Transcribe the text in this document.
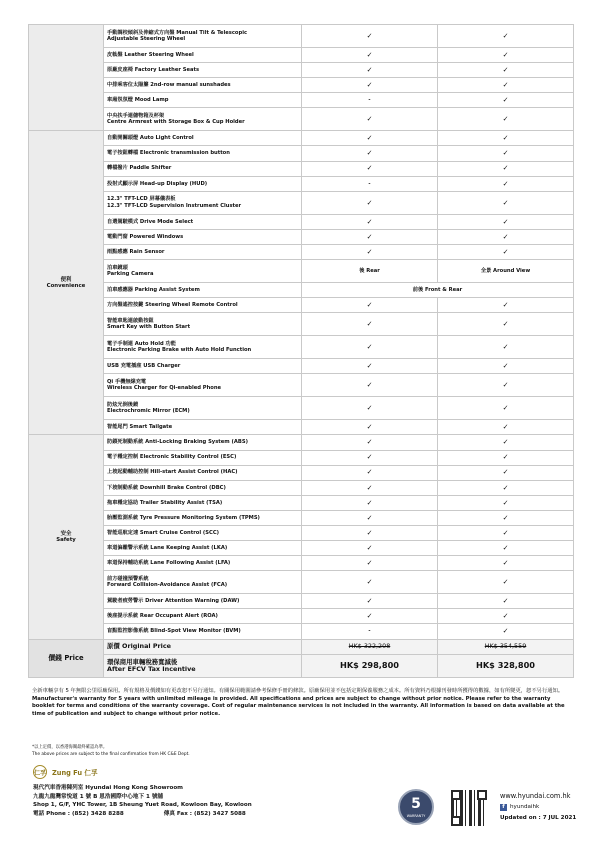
	手動調校傾斜及伸縮式方向盤 Manual Tilt & Telescopic
Adjustable Steering Wheel	✓	✓

	皮軚盤 Leather Steering Wheel	✓	✓

	原廠皮座椅 Factory Leather Seats	✓	✓

	中排乘客位太陽簾 2nd-row manual sunshades	✓	✓

	車廂氛氛燈 Mood Lamp	-	✓

	中央扶手連儲物箱及杯架
Centre Armrest with Storage Box & Cup Holder	✓	✓

便利
Convenience	自動開關頭燈 Auto Light Control	✓	✓

	電子按鈕轉檔 Electronic transmission button	✓	✓

	轉檔撥片 Paddle Shifter	✓	✓

	投射式顯示屏 Head-up Display (HUD)	-	✓

	12.3" TFT-LCD 屏幕儀表板
12.3" TFT-LCD Supervision Instrument Cluster	✓	✓

	自選駕駛模式 Drive Mode Select	✓	✓

	電動門窗 Powered Windows	✓	✓

	雨點感應 Rain Sensor	✓	✓

	泊車鏡頭
Parking Camera	後 Rear	全景 Around View

	泊車感應器 Parking Assist System	前後 Front & Rear	

	方向盤遙控按鍵 Steering Wheel Remote Control	✓	✓

	智能車匙連啟動按鈕
Smart Key with Button Start	✓	✓

	電子手制連 Auto Hold 功能
Electronic Parking Brake with Auto Hold Function	✓	✓

	USB 充電插座 USB Charger	✓	✓

	Qi 手機無線充電
Wireless Charger for Qi-enabled Phone	✓	✓

	防炫光倒後鏡
Electrochromic Mirror (ECM)	✓	✓

	智能尾門 Smart Tailgate	✓	✓

安全
Safety	防鎖死制動系統 Anti-Locking Braking System (ABS)	✓	✓

	電子穩定控制 Electronic Stability Control (ESC)	✓	✓

	上坡起動輔助控制 Hill-start Assist Control (HAC)	✓	✓

	下坡制動系統 Downhill Brake Control (DBC)	✓	✓

	拖車穩定協助 Trailer Stability Assist (TSA)	✓	✓

	胎壓監測系統 Tyre Pressure Monitoring System (TPMS)	✓	✓

	智能巡航定速 Smart Cruise Control (SCC)	✓	✓

	車道偏離警示系統 Lane Keeping Assist (LKA)	✓	✓

	車道保持輔助系統 Lane Following Assist (LFA)	✓	✓

	前方碰撞預警系統
Forward Collision-Avoidance Assist (FCA)	✓	✓

	駕駛者疲勞警示 Driver Attention Warning (DAW)	✓	✓

	後座提示系統 Rear Occupant Alert (ROA)	✓	✓

	盲點監控影像系統 Blind-Spot View Monitor (BVM)	-	✓
價錢 Price	原價 Original Price	HK$ 322,208	HK$ 354,559

	環保商用車輛稅務寬減後
After EFCV Tax Incentive	HK$ 298,800	HK$ 328,800

全新車輛享有 5 年無限公里原廠保用。所有規格及價錢如有更改恕不另行通知。有關保用範圍請參考保修手冊的條款。原廠保用並不包括定期保養服務之成本。所有資料乃根據刊發時所獲得的數據，如有所變更，恕不另行通知。

Manufacturer's warranty for 5 years with unlimited mileage is provided. All specifications and prices are subject to change without prior notice. Please refer to the warranty booklet for terms and conditions of the warranty coverage. Cost of regular maintenance services is not included in the warranty. All information is based on data available at the time of publication and subject to change without prior notice.

*以上定價，以香港海關最終確認為準。

The above prices are subject to the final confirmation from HK C&E Dept.

仁孚 Zung Fu 仁孚

現代汽車香港陳列室 Hyundai Hong Kong Showroom

九龍九龍灣常悅道 1 號 B 恩浩國際中心地下 1 號舖

Shop 1, G/F, YHC Tower, 1B Sheung Yuet Road, Kowloon Bay, Kowloon

電話 Phone : (852) 3428 8288	傳真 Fax : (852) 3427 5088

5
WARRANTY

www.hyundai.com.hk

f hyundaihk

Updated on : 7 JUL 2021
